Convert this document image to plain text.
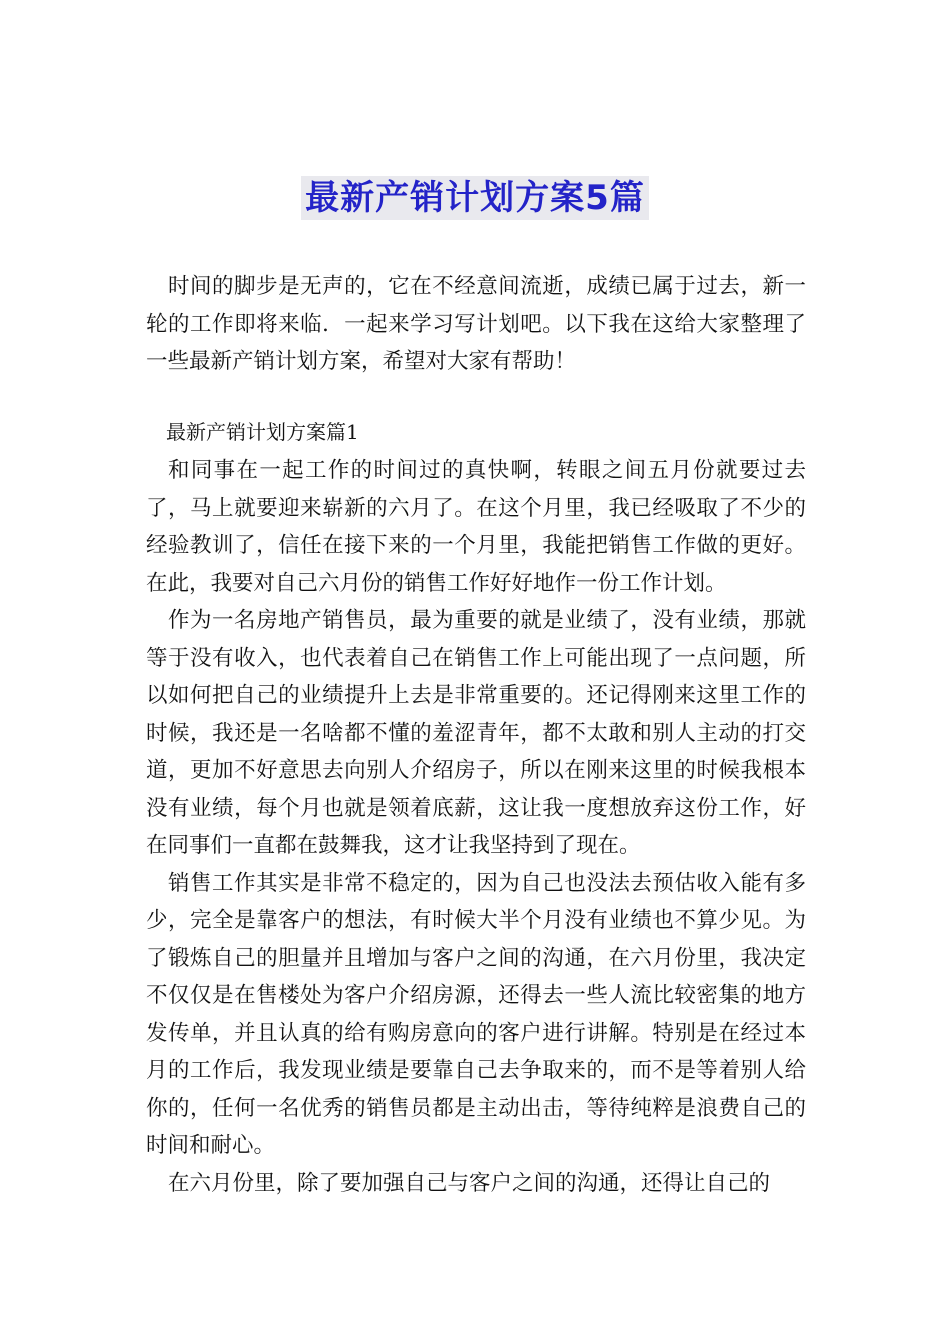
最新产销计划方案5篇

时间的脚步是无声的，它在不经意间流逝，成绩已属于过去，新一轮的工作即将来临．一起来学习写计划吧。以下我在这给大家整理了一些最新产销计划方案，希望对大家有帮助！

最新产销计划方案篇1

和同事在一起工作的时间过的真快啊，转眼之间五月份就要过去了，马上就要迎来崭新的六月了。在这个月里，我已经吸取了不少的经验教训了，信任在接下来的一个月里，我能把销售工作做的更好。在此，我要对自己六月份的销售工作好好地作一份工作计划。

作为一名房地产销售员，最为重要的就是业绩了，没有业绩，那就等于没有收入，也代表着自己在销售工作上可能出现了一点问题，所以如何把自己的业绩提升上去是非常重要的。还记得刚来这里工作的时候，我还是一名啥都不懂的羞涩青年，都不太敢和别人主动的打交道，更加不好意思去向别人介绍房子，所以在刚来这里的时候我根本没有业绩，每个月也就是领着底薪，这让我一度想放弃这份工作，好在同事们一直都在鼓舞我，这才让我坚持到了现在。

销售工作其实是非常不稳定的，因为自己也没法去预估收入能有多少，完全是靠客户的想法，有时候大半个月没有业绩也不算少见。为了锻炼自己的胆量并且增加与客户之间的沟通，在六月份里，我决定不仅仅是在售楼处为客户介绍房源，还得去一些人流比较密集的地方发传单，并且认真的给有购房意向的客户进行讲解。特别是在经过本月的工作后，我发现业绩是要靠自己去争取来的，而不是等着别人给你的，任何一名优秀的销售员都是主动出击，等待纯粹是浪费自己的时间和耐心。

在六月份里，除了要加强自己与客户之间的沟通，还得让自己的
